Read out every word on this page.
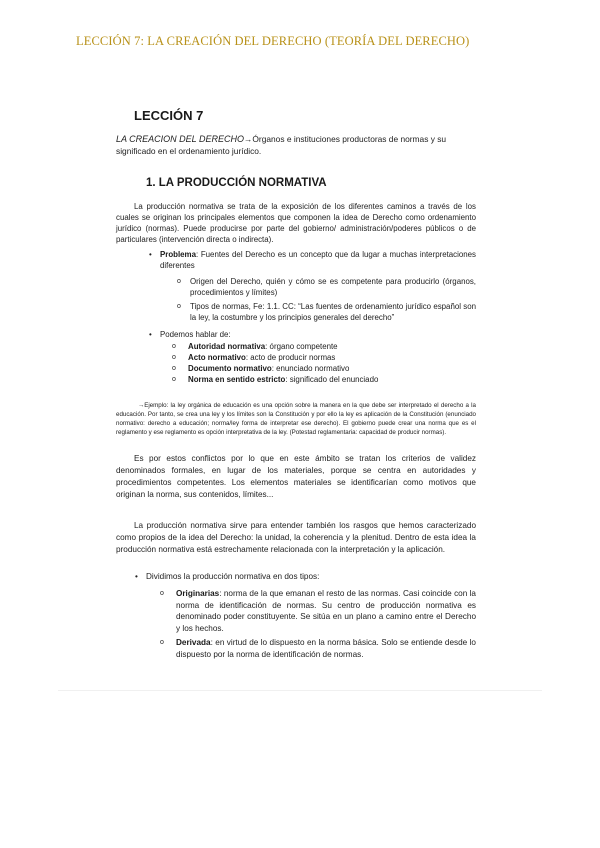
LECCIÓN 7: LA CREACIÓN DEL DERECHO (TEORÍA DEL DERECHO)
LECCIÓN 7

LA CREACION DEL DERECHO→Órganos e instituciones productoras de normas y su significado en el ordenamiento jurídico.

1. LA PRODUCCIÓN NORMATIVA

La producción normativa se trata de la exposición de los diferentes caminos a través de los cuales se originan los principales elementos que componen la idea de Derecho como ordenamiento jurídico (normas). Puede producirse por parte del gobierno/ administración/poderes públicos o de particulares (intervención directa o indirecta).

• Problema: Fuentes del Derecho es un concepto que da lugar a muchas interpretaciones diferentes
o Origen del Derecho, quién y cómo se es competente para producirlo (órganos, procedimientos y límites)
o Tipos de normas, Fe: 1.1. CC: “Las fuentes de ordenamiento jurídico español son la ley, la costumbre y los principios generales del derecho”
• Podemos hablar de:
o Autoridad normativa: órgano competente
o Acto normativo: acto de producir normas
o Documento normativo: enunciado normativo
o Norma en sentido estricto: significado del enunciado

→Ejemplo: la ley orgánica de educación es una opción sobre la manera en la que debe ser interpretado el derecho a la educación. Por tanto, se crea una ley y los límites son la Constitución y por ello la ley es aplicación de la Constitución (enunciado normativo: derecho a educación; norma/ley forma de interpretar ese derecho). El gobierno puede crear una norma que es el reglamento y ese reglamento es opción interpretativa de la ley. (Potestad reglamentaria: capacidad de producir normas).

Es por estos conflictos por lo que en este ámbito se tratan los criterios de validez denominados formales, en lugar de los materiales, porque se centra en autoridades y procedimientos competentes. Los elementos materiales se identificarían como motivos que originan la norma, sus contenidos, límites...

La producción normativa sirve para entender también los rasgos que hemos caracterizado como propios de la idea del Derecho: la unidad, la coherencia y la plenitud. Dentro de esta idea la producción normativa está estrechamente relacionada con la interpretación y la aplicación.

• Dividimos la producción normativa en dos tipos:
o Originarias: norma de la que emanan el resto de las normas. Casi coincide con la norma de identificación de normas. Su centro de producción normativa es denominado poder constituyente. Se sitúa en un plano a camino entre el Derecho y los hechos.
o Derivada: en virtud de lo dispuesto en la norma básica. Solo se entiende desde lo dispuesto por la norma de identificación de normas.
